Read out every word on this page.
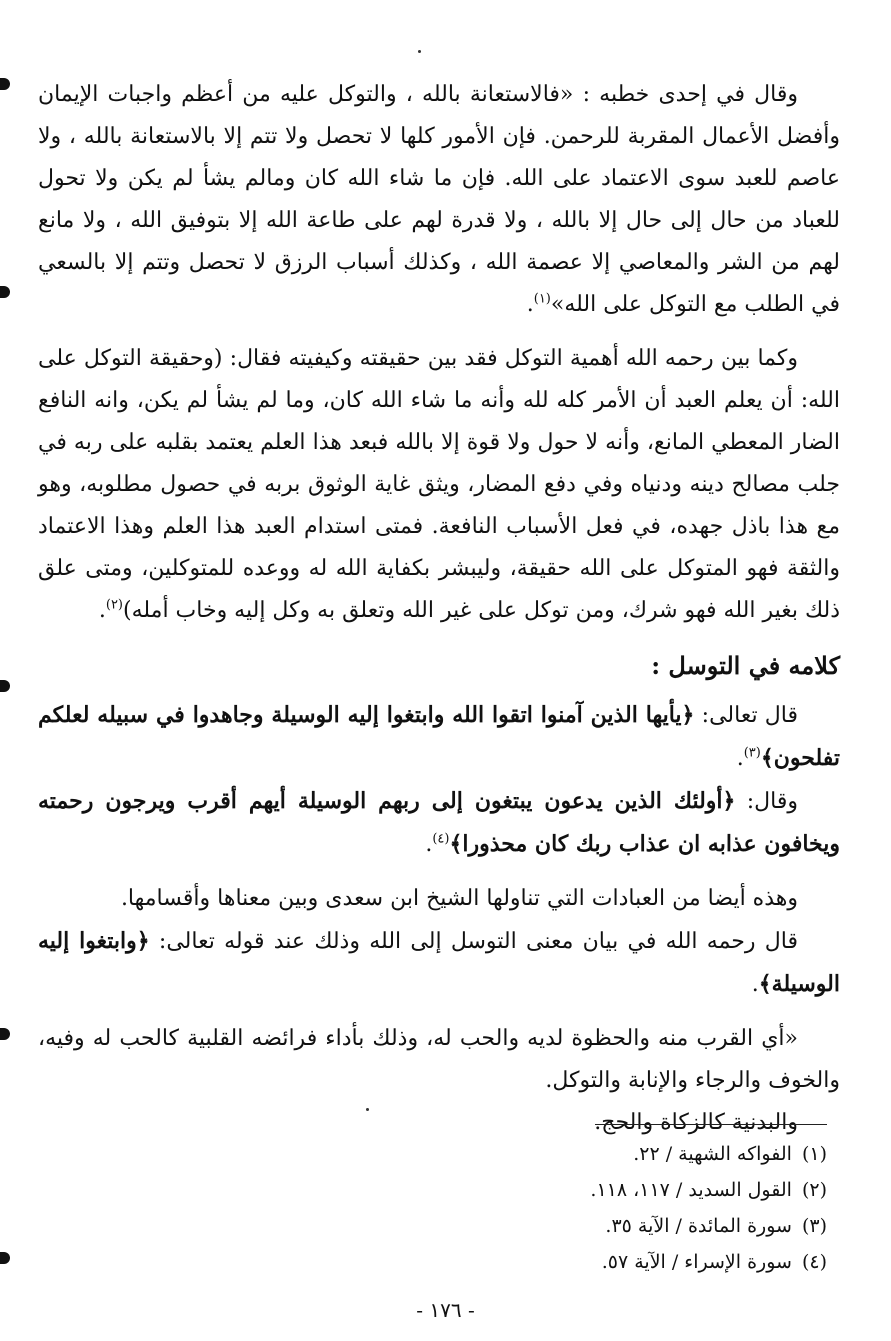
وقال في إحدى خطبه : «فالاستعانة بالله ، والتوكل عليه من أعظم واجبات الإيمان وأفضل الأعمال المقربة للرحمن. فإن الأمور كلها لا تحصل ولا تتم إلا بالاستعانة بالله ، ولا عاصم للعبد سوى الاعتماد على الله. فإن ما شاء الله كان ومالم يشأ لم يكن ولا تحول للعباد من حال إلى حال إلا بالله ، ولا قدرة لهم على طاعة الله إلا بتوفيق الله ، ولا مانع لهم من الشر والمعاصي إلا عصمة الله ، وكذلك أسباب الرزق لا تحصل وتتم إلا بالسعي في الطلب مع التوكل على الله»$^{(١)}$.

وكما بين رحمه الله أهمية التوكل فقد بين حقيقته وكيفيته فقال: (وحقيقة التوكل على الله: أن يعلم العبد أن الأمر كله لله وأنه ما شاء الله كان، وما لم يشأ لم يكن، وانه النافع الضار المعطي المانع، وأنه لا حول ولا قوة إلا بالله فبعد هذا العلم يعتمد بقلبه على ربه في جلب مصالح دينه ودنياه وفي دفع المضار، ويثق غاية الوثوق بربه في حصول مطلوبه، وهو مع هذا باذل جهده، في فعل الأسباب النافعة. فمتى استدام العبد هذا العلم وهذا الاعتماد والثقة فهو المتوكل على الله حقيقة، وليبشر بكفاية الله له ووعده للمتوكلين، ومتى علق ذلك بغير الله فهو شرك، ومن توكل على غير الله وتعلق به وكل إليه وخاب أمله)$^{(٢)}$.

كلامه في التوسل :

قال تعالى: ﴿يأيها الذين آمنوا اتقوا الله وابتغوا إليه الوسيلة وجاهدوا في سبيله لعلكم تفلحون﴾$^{(٣)}$.

وقال: ﴿أولئك الذين يدعون يبتغون إلى ربهم الوسيلة أيهم أقرب ويرجون رحمته ويخافون عذابه ان عذاب ربك كان محذورا﴾$^{(٤)}$.

وهذه أيضا من العبادات التي تناولها الشيخ ابن سعدى وبين معناها وأقسامها.

قال رحمه الله في بيان معنى التوسل إلى الله وذلك عند قوله تعالى: ﴿وابتغوا إليه الوسيلة﴾.

«أي القرب منه والحظوة لديه والحب له، وذلك بأداء فرائضه القلبية كالحب له وفيه، والخوف والرجاء والإنابة والتوكل.

والبدنية كالزكاة والحج.

(١)الفواكه الشهية / ٢٢.
(٢)القول السديد / ١١٧، ١١٨.
(٣)سورة المائدة / الآية ٣٥.
(٤)سورة الإسراء / الآية ٥٧.
- ١٧٦ -
